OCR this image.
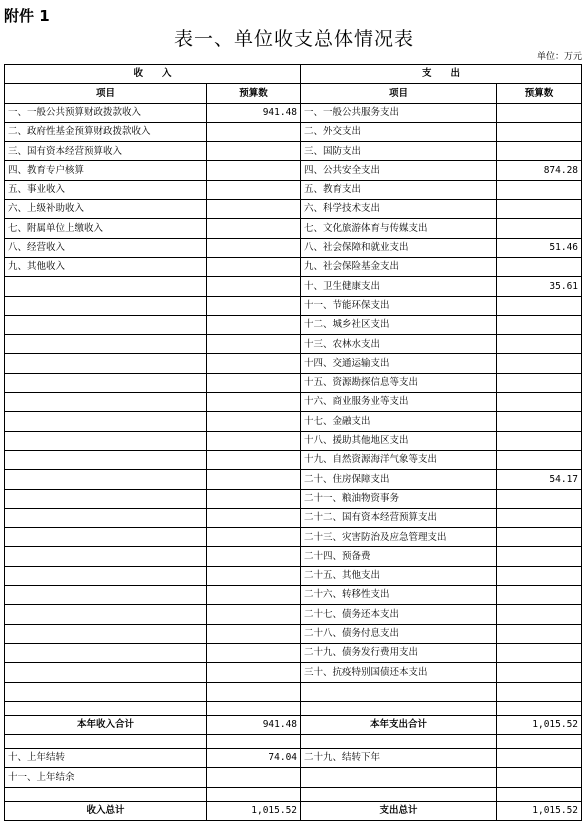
附件 1
表一、单位收支总体情况表
单位：万元
收　　入		支　　出	
项目	预算数	项目	预算数
一、一般公共预算财政拨款收入	941.48	一、一般公共服务支出	
二、政府性基金预算财政拨款收入		二、外交支出	
三、国有资本经营预算收入		三、国防支出	
四、教育专户核算		四、公共安全支出	874.28
五、事业收入		五、教育支出	
六、上级补助收入		六、科学技术支出	
七、附属单位上缴收入		七、文化旅游体育与传媒支出	
八、经营收入		八、社会保障和就业支出	51.46
九、其他收入		九、社会保险基金支出	
		十、卫生健康支出	35.61
		十一、节能环保支出	
		十二、城乡社区支出	
		十三、农林水支出	
		十四、交通运输支出	
		十五、资源勘探信息等支出	
		十六、商业服务业等支出	
		十七、金融支出	
		十八、援助其他地区支出	
		十九、自然资源海洋气象等支出	
		二十、住房保障支出	54.17
		二十一、粮油物资事务	
		二十二、国有资本经营预算支出	
		二十三、灾害防治及应急管理支出	
		二十四、预备费	
		二十五、其他支出	
		二十六、转移性支出	
		二十七、债务还本支出	
		二十八、债务付息支出	
		二十九、债务发行费用支出	
		三十、抗疫特别国债还本支出	

本年收入合计	941.48	本年支出合计	1,015.52

十、上年结转	74.04	二十九、结转下年	
十一、上年结余			

收入总计	1,015.52	支出总计	1,015.52
